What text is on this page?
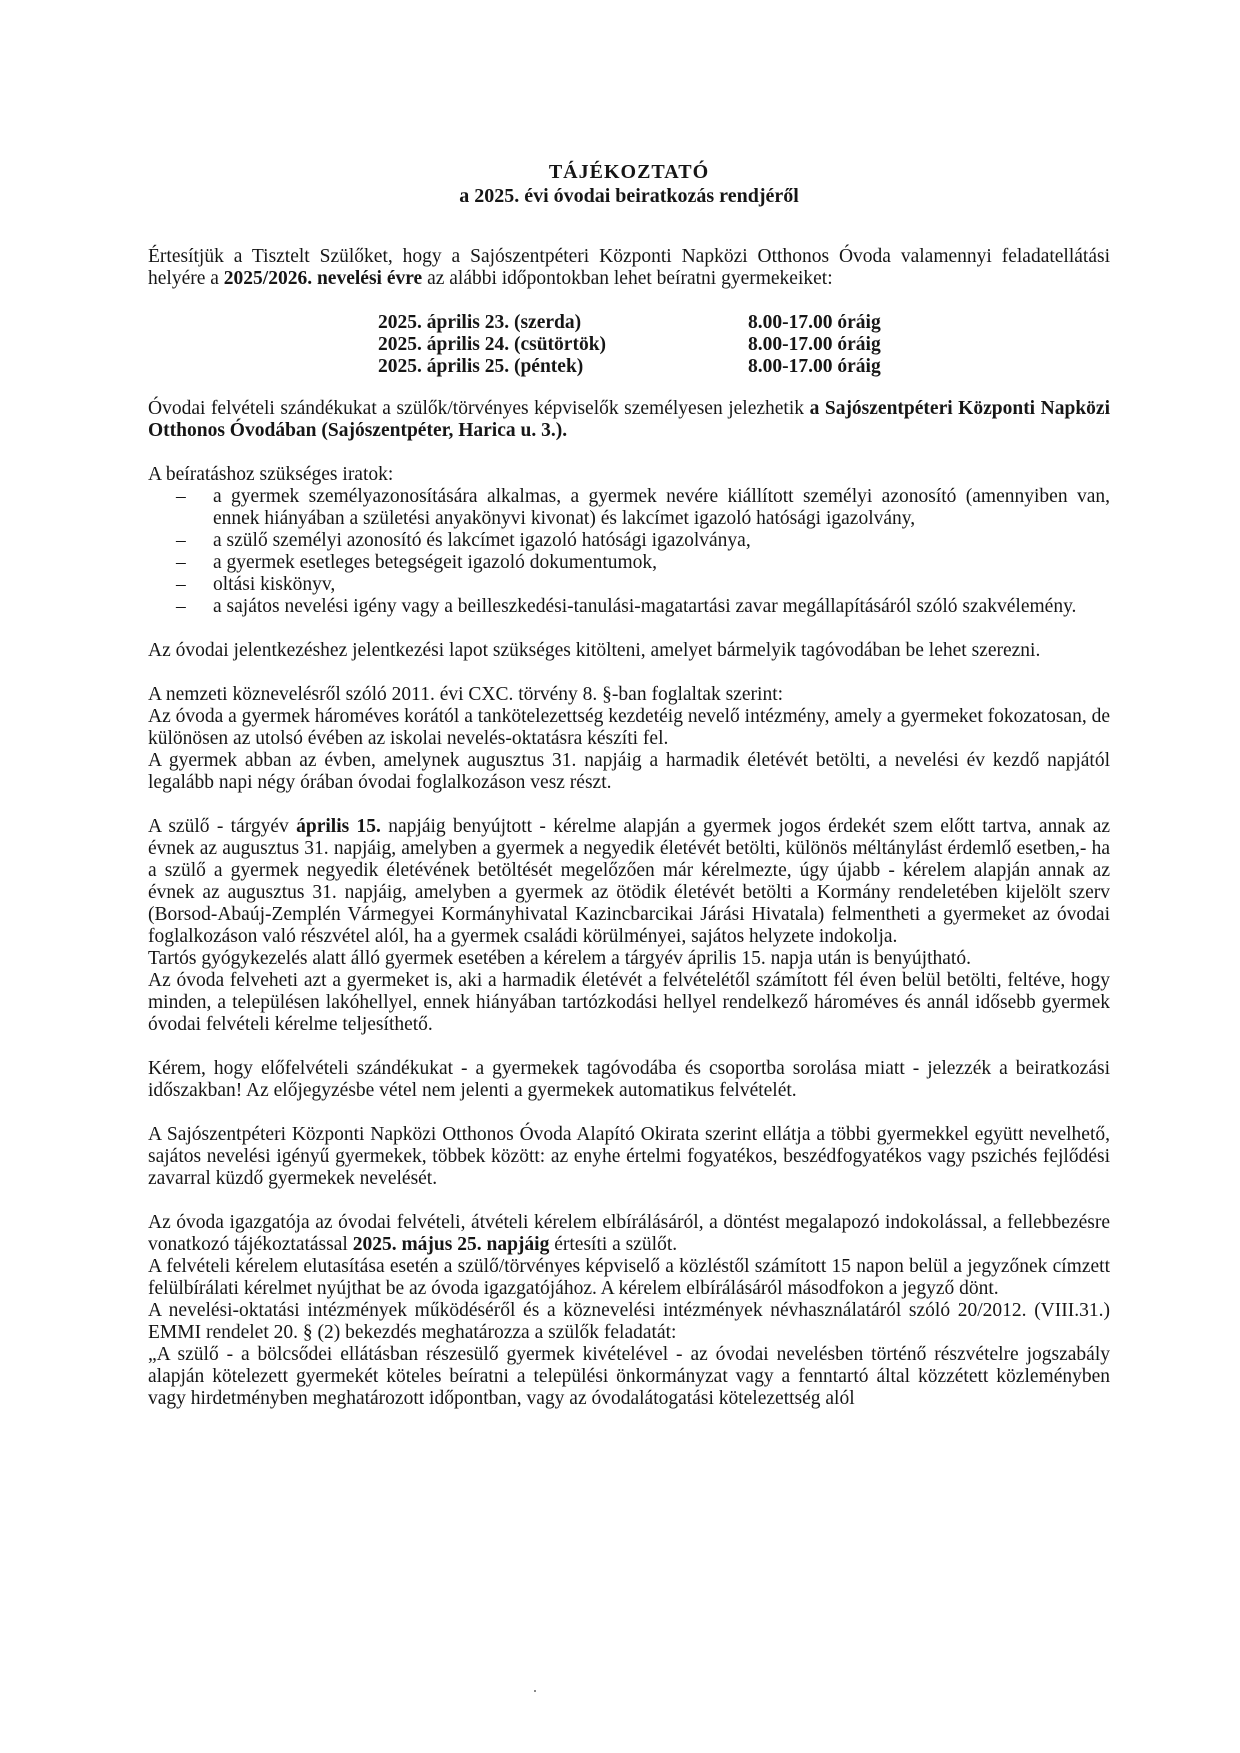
TÁJÉKOZTATÓ

a 2025. évi óvodai beiratkozás rendjéről

Értesítjük a Tisztelt Szülőket, hogy a Sajószentpéteri Központi Napközi Otthonos Óvoda valamennyi feladatellátási helyére a 2025/2026. nevelési évre az alábbi időpontokban lehet beíratni gyermekeiket:

2025. április 23. (szerda)	8.00-17.00 óráig
2025. április 24. (csütörtök)	8.00-17.00 óráig
2025. április 25. (péntek)	8.00-17.00 óráig

Óvodai felvételi szándékukat a szülők/törvényes képviselők személyesen jelezhetik a Sajószentpéteri Központi Napközi Otthonos Óvodában (Sajószentpéter, Harica u. 3.).

A beíratáshoz szükséges iratok:

– a gyermek személyazonosítására alkalmas, a gyermek nevére kiállított személyi azonosító (amennyiben van, ennek hiányában a születési anyakönyvi kivonat) és lakcímet igazoló hatósági igazolvány,
– a szülő személyi azonosító és lakcímet igazoló hatósági igazolványa,
– a gyermek esetleges betegségeit igazoló dokumentumok,
– oltási kiskönyv,
– a sajátos nevelési igény vagy a beilleszkedési-tanulási-magatartási zavar megállapításáról szóló szakvélemény.

Az óvodai jelentkezéshez jelentkezési lapot szükséges kitölteni, amelyet bármelyik tagóvodában be lehet szerezni.

A nemzeti köznevelésről szóló 2011. évi CXC. törvény 8. §-ban foglaltak szerint:

Az óvoda a gyermek hároméves korától a tankötelezettség kezdetéig nevelő intézmény, amely a gyermeket fokozatosan, de különösen az utolsó évében az iskolai nevelés-oktatásra készíti fel.

A gyermek abban az évben, amelynek augusztus 31. napjáig a harmadik életévét betölti, a nevelési év kezdő napjától legalább napi négy órában óvodai foglalkozáson vesz részt.

A szülő - tárgyév április 15. napjáig benyújtott - kérelme alapján a gyermek jogos érdekét szem előtt tartva, annak az évnek az augusztus 31. napjáig, amelyben a gyermek a negyedik életévét betölti, különös méltánylást érdemlő esetben,- ha a szülő a gyermek negyedik életévének betöltését megelőzően már kérelmezte, úgy újabb - kérelem alapján annak az évnek az augusztus 31. napjáig, amelyben a gyermek az ötödik életévét betölti a Kormány rendeletében kijelölt szerv (Borsod-Abaúj-Zemplén Vármegyei Kormányhivatal Kazincbarcikai Járási Hivatala) felmentheti a gyermeket az óvodai foglalkozáson való részvétel alól, ha a gyermek családi körülményei, sajátos helyzete indokolja.

Tartós gyógykezelés alatt álló gyermek esetében a kérelem a tárgyév április 15. napja után is benyújtható.

Az óvoda felveheti azt a gyermeket is, aki a harmadik életévét a felvételétől számított fél éven belül betölti, feltéve, hogy minden, a településen lakóhellyel, ennek hiányában tartózkodási hellyel rendelkező hároméves és annál idősebb gyermek óvodai felvételi kérelme teljesíthető.

Kérem, hogy előfelvételi szándékukat - a gyermekek tagóvodába és csoportba sorolása miatt - jelezzék a beiratkozási időszakban! Az előjegyzésbe vétel nem jelenti a gyermekek automatikus felvételét.

A Sajószentpéteri Központi Napközi Otthonos Óvoda Alapító Okirata szerint ellátja a többi gyermekkel együtt nevelhető, sajátos nevelési igényű gyermekek, többek között: az enyhe értelmi fogyatékos, beszédfogyatékos vagy pszichés fejlődési zavarral küzdő gyermekek nevelését.

Az óvoda igazgatója az óvodai felvételi, átvételi kérelem elbírálásáról, a döntést megalapozó indokolással, a fellebbezésre vonatkozó tájékoztatással 2025. május 25. napjáig értesíti a szülőt.

A felvételi kérelem elutasítása esetén a szülő/törvényes képviselő a közléstől számított 15 napon belül a jegyzőnek címzett felülbírálati kérelmet nyújthat be az óvoda igazgatójához. A kérelem elbírálásáról másodfokon a jegyző dönt.

A nevelési-oktatási intézmények működéséről és a köznevelési intézmények névhasználatáról szóló 20/2012. (VIII.31.) EMMI rendelet 20. § (2) bekezdés meghatározza a szülők feladatát:

„A szülő - a bölcsődei ellátásban részesülő gyermek kivételével - az óvodai nevelésben történő részvételre jogszabály alapján kötelezett gyermekét köteles beíratni a települési önkormányzat vagy a fenntartó által közzétett közleményben vagy hirdetményben meghatározott időpontban, vagy az óvodalátogatási kötelezettség alól
